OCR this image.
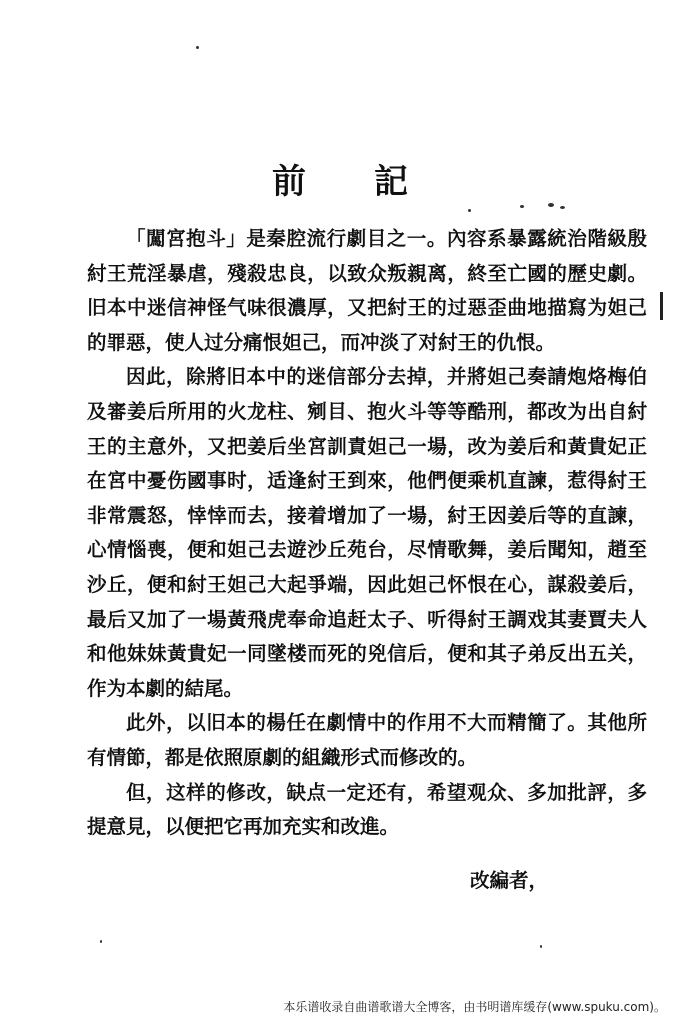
前記

「闖宮抱斗」是秦腔流行劇目之一。內容系暴露統治階級殷紂王荒淫暴虐，殘殺忠良，以致众叛親离，終至亡國的歷史劇。旧本中迷信神怪气味很濃厚，又把紂王的过惡歪曲地描寫为妲己的罪惡，使人过分痛恨妲己，而冲淡了对紂王的仇恨。

因此，除將旧本中的迷信部分去掉，并將妲己奏請炮烙梅伯及審姜后所用的火龙柱、剜目、抱火斗等等酷刑，都改为出自紂王的主意外，又把姜后坐宮訓責妲己一場，改为姜后和黃貴妃正在宮中憂伤國事时，适逢紂王到來，他們便乘机直諫，惹得紂王非常震怒，悻悻而去，接着增加了一場，紂王因姜后等的直諫，心情惱喪，便和妲己去遊沙丘苑台，尽情歌舞，姜后聞知，趙至沙丘，便和紂王妲己大起爭端，因此妲己怀恨在心，謀殺姜后，最后又加了一場黃飛虎奉命追赶太子、听得紂王調戏其妻賈夫人和他妹妹黃貴妃一同墜楼而死的兇信后，便和其子弟反出五关，作为本劇的結尾。

此外，以旧本的楊任在劇情中的作用不大而精簡了。其他所有情節，都是依照原劇的組織形式而修改的。

但，这样的修改，缺点一定还有，希望观众、多加批評，多提意見，以便把它再加充实和改進。

改編者，
本乐谱收录自曲谱歌谱大全博客，由书明谱库缓存(www.spuku.com)。
